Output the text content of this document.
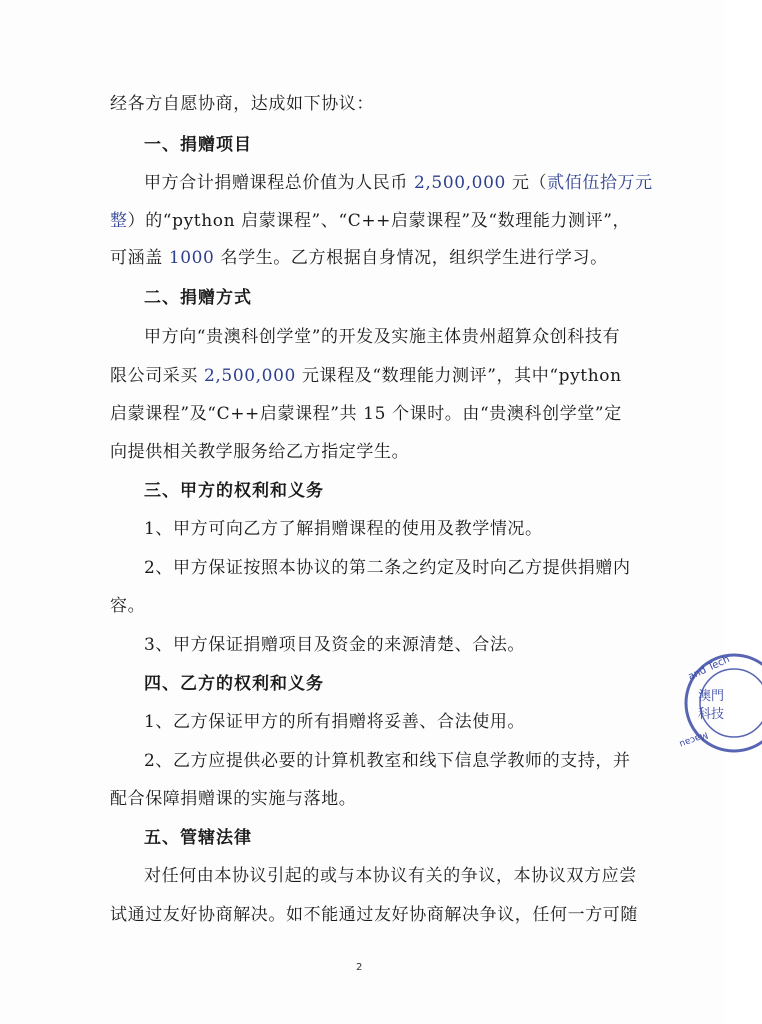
经各方自愿协商，达成如下协议：
一、捐赠项目
甲方合计捐赠课程总价值为人民币 2,500,000 元（贰佰伍拾万元
整）的“python 启蒙课程”、“C++启蒙课程”及“数理能力测评”，
可涵盖 1000 名学生。乙方根据自身情况，组织学生进行学习。
二、捐赠方式
甲方向“贵澳科创学堂”的开发及实施主体贵州超算众创科技有
限公司采买 2,500,000 元课程及“数理能力测评”，其中“python
启蒙课程”及“C++启蒙课程”共 15 个课时。由“贵澳科创学堂”定
向提供相关教学服务给乙方指定学生。
三、甲方的权利和义务
1、甲方可向乙方了解捐赠课程的使用及教学情况。
2、甲方保证按照本协议的第二条之约定及时向乙方提供捐赠内
容。
3、甲方保证捐赠项目及资金的来源清楚、合法。
四、乙方的权利和义务
1、乙方保证甲方的所有捐赠将妥善、合法使用。
2、乙方应提供必要的计算机教室和线下信息学教师的支持，并
配合保障捐赠课的实施与落地。
五、管辖法律
对任何由本协议引起的或与本协议有关的争议，本协议双方应尝
试通过友好协商解决。如不能通过友好协商解决争议，任何一方可随
2
and Tech
澳門
科技
Macau
